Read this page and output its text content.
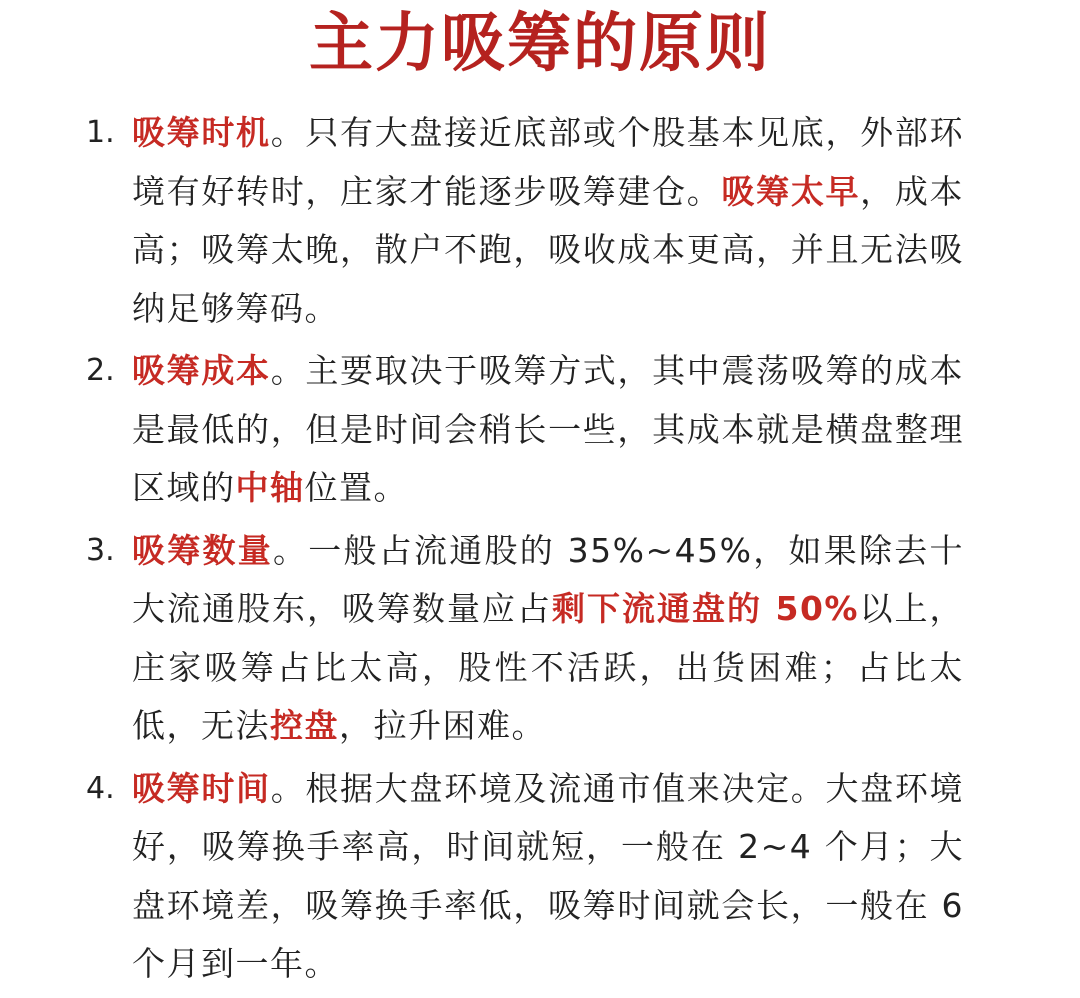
主力吸筹的原则
1. 吸筹时机。只有大盘接近底部或个股基本见底，外部环境有好转时，庄家才能逐步吸筹建仓。吸筹太早，成本高；吸筹太晚，散户不跑，吸收成本更高，并且无法吸纳足够筹码。

2. 吸筹成本。主要取决于吸筹方式，其中震荡吸筹的成本是最低的，但是时间会稍长一些，其成本就是横盘整理区域的中轴位置。

3. 吸筹数量。一般占流通股的 35%~45%，如果除去十大流通股东，吸筹数量应占剩下流通盘的 50%以上，庄家吸筹占比太高，股性不活跃，出货困难；占比太低，无法控盘，拉升困难。

4. 吸筹时间。根据大盘环境及流通市值来决定。大盘环境好，吸筹换手率高，时间就短，一般在 2~4 个月；大盘环境差，吸筹换手率低，吸筹时间就会长，一般在 6 个月到一年。
